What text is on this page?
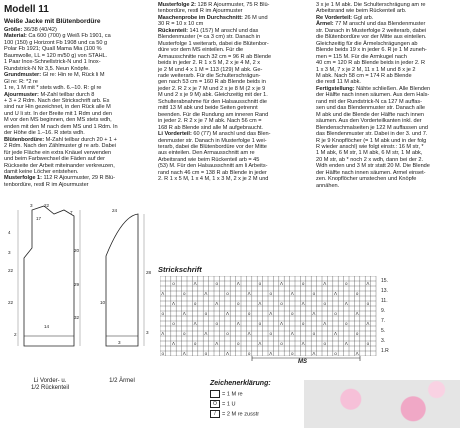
Modell 11
Weiße Jacke mit Blütenbordüre

Größe: 36/38 (40/42)

Material: Ca 600 (700) g Weiß Fb 1901, ca
100 (150) g Horizont Fb 1908 und ca 50 g
Polar Fb 1921; Quall Mama Mia (100 %
Baumwolle, LL = 120 m/50 g) von STAHL.
1 Paar Inox-Schnellstrick-N und 1 Inox-
Rundstrick-N Nr 3,5. Neun Knöpfe.

Grundmuster: Gl re: Hin re M, Rück li M
Gl re: R: *2 re
1 re, 1 M mit * stets wdh. 6.–10. R: gl re

Ajourmuster: M-Zahl teilbar durch 8
+ 3 + 2 Rdm. Nach der Strickschrift arb. Es
sind nur Hin gezeichnet, in den Rück alle M
und U li str. In der Breite mit 1 Rdm und den
M vor den MS beginnen, den MS stets wdh,
enden mit den M nach dem MS und 1 Rdm. In
der Höhe die 1.–16. R stets wdh.

Blütenbordüre: M-Zahl teilbar durch 20 + 1 +
2 Rdm. Nach den Zählmuster gl re arb. Dabei
für jede Fläche ein extra Knäuel verwenden
und beim Farbwechsel die Fäden auf der
Rückseite der Arbeit miteinander verkreuzen,
damit keine Löcher entstehen.

Musterfolge 1: 112 R Ajourmuster, 29 R Blü-
tenbordüre, restl R im Ajourmuster

3 22
7
17
4
3	20
22
29
22
14
2
32
24
28
3
3
10
Li Vorder- u.
1/2 Rückenteil
1/2 Ärmel

Musterfolge 2: 128 R Ajourmuster, 75 R Blü-
tenbordüre, restl R im Ajourmuster

Maschenprobe im Durchschnitt: 26 M und
30 R = 10 x 10 cm

Rückenteil: 141 (157) M anschl und das
Blendenmuster (= ca 3 cm) str. Danach in
Musterfolge 1 weiterarb, dabei die Blütenbor-
düre vor dem MS einteilen. Für die
Armausschnitte nach 32 cm = 96 R ab Blende
beids in jeder 2. R 1 x 5 M, 2 x je 4 M, 2 x
je 2 M und 4 x 1 M = 113 (129) M abk. Ge-
rade weiterarb. Für die Schulterschrägun-
gen nach 53 cm = 160 R ab Blende beids in
jeder 2. R 2 x je 7 M und 2 x je 8 M (2 x je 9
M und 2 x je 9 M) abk. Gleichzeitig mit der 1.
Schulterabnahme für den Halsausschnitt die
mittl 13 M abk und beide Seiten getrennt
beenden. Für die Rundung am inneren Rand
in jeder 2. R 2 x je 7 M abk. Nach 56 cm =
168 R ab Blende sind alle M aufgebraucht.

Li Vorderteil: 60 (77) M anschl und das Blen-
denmuster str. Danach in Musterfolge 1 wei-
terarb, dabei die Blütenbordüre vor der Mitte
aus einteilen. Den Armausschnitt am re
Arbeitsrand wie beim Rückenteil arb = 45
(53) M. Für den Halsausschnitt am li Arbeits-
rand nach 46 cm = 138 R ab Blende in jeder
2. R 1 x 5 M, 1 x 4 M, 1 x 3 M, 2 x je 2 M und

3 x je 1 M abk. Die Schulterschrägung am re
Arbeitsrand wie beim Rückenteil arb.

Re Vorderteil: Ggl arb.

Ärmel: 77 M anschl und das Blendenmuster
str. Danach in Musterfolge 2 weiterarb, dabei
die Blütenbordüre vor der Mitte aus einteilen.
Gleichzeitig für die Ärmelschrägungen ab
Blende beids 19 x in jeder 6. R je 1 M zuneh-
men = 115 M. Für die Armkugel nach
40 cm = 120 R ab Blende beids in jeder 2. R
1 x 3 M, 7 x je 2 M, 11 x 1 M und 8 x je 2
M abk. Nach 58 cm = 174 R ab Blende
die restl 11 M abk.

Fertigstellung: Nähte schließen. Alle Blenden
der Hälfte nach innen säumen. Aus dem Hals-
rand mit der Rundstrick-N ca 127 M auffas-
sen und das Blendenmuster str. Danach alle
M abk und die Blende der Hälfte nach innen
säumen. Aus den Vorderteilkanten inkl. der
Blendenschmalseiten je 122 M auffassen und
das Blendenmuster str. Dabei in der 3. und 7.
R je 9 Knopflöcher (= 1 M abk und in der folg
R wieder anschl) wie folgt einstr.: 16 M str, *
1 M abk, 6 M str, 1 M abk, 6 M str, 1 M abk,
20 M str, ab * noch 2 x wdh, dann bei der 2.
Wdh enden und 3 M str statt 20 M. Die Blende
der Hälfte nach innen säumen. Armel einset-
zen. Knopflöcher umstechen und Knöpfe
annähen.

Strickschrift
o	Λ	o	Λ	o	Λ	o	Λ	o	Λ
Λ	o	Λ	o	Λ	o	Λ	o	Λ	o
Λ	o	Λ	o	Λ	o	Λ	o	Λ	o
o	Λ	o	Λ	o	Λ	o	Λ	o	Λ
o	Λ	o	Λ	o	Λ	o	Λ	o	Λ
Λ	o	Λ	o	Λ	o	Λ	o	Λ	o
Λ	o	Λ	o	Λ	o	Λ	o	Λ	o
o	Λ	o	Λ	o	Λ	o	Λ	o	Λ 15.
13.
11.
9.
7.
5.
3.
1.R
MS
Zeichenerklärung:
= 1 M re
O = 1 U
/ = 2 M re zusstr
